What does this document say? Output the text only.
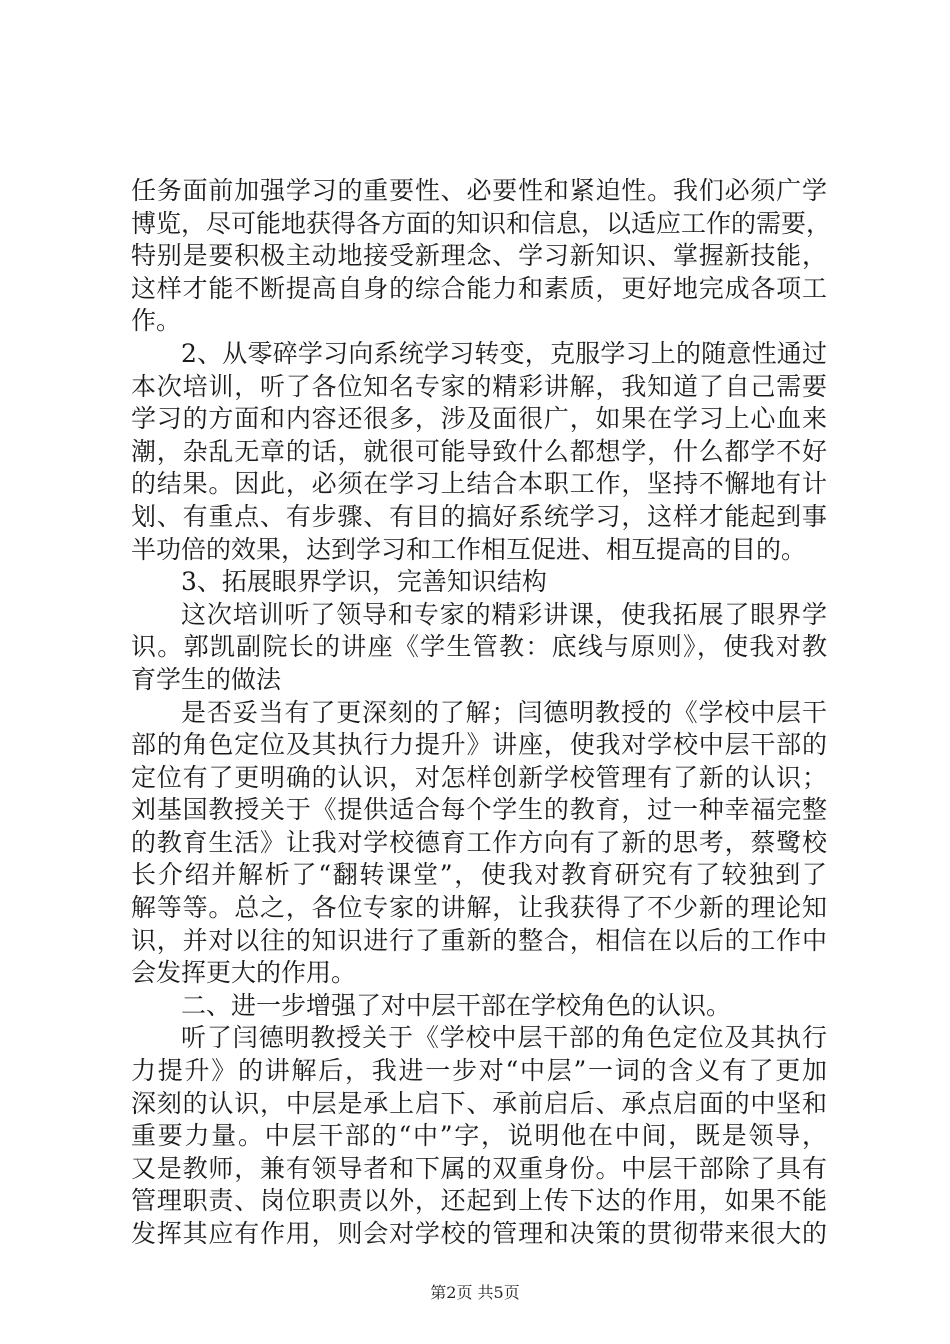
任务面前加强学习的重要性、必要性和紧迫性。我们必须广学
博览，尽可能地获得各方面的知识和信息，以适应工作的需要，
特别是要积极主动地接受新理念、学习新知识、掌握新技能，
这样才能不断提高自身的综合能力和素质，更好地完成各项工
作。
2、从零碎学习向系统学习转变，克服学习上的随意性通过
本次培训，听了各位知名专家的精彩讲解，我知道了自己需要
学习的方面和内容还很多，涉及面很广，如果在学习上心血来
潮，杂乱无章的话，就很可能导致什么都想学，什么都学不好
的结果。因此，必须在学习上结合本职工作，坚持不懈地有计
划、有重点、有步骤、有目的搞好系统学习，这样才能起到事
半功倍的效果，达到学习和工作相互促进、相互提高的目的。
3、拓展眼界学识，完善知识结构
这次培训听了领导和专家的精彩讲课，使我拓展了眼界学
识。郭凯副院长的讲座《学生管教：底线与原则》，使我对教
育学生的做法
是否妥当有了更深刻的了解；闫德明教授的《学校中层干
部的角色定位及其执行力提升》讲座，使我对学校中层干部的
定位有了更明确的认识，对怎样创新学校管理有了新的认识；
刘基国教授关于《提供适合每个学生的教育，过一种幸福完整
的教育生活》让我对学校德育工作方向有了新的思考，蔡鹭校
长介绍并解析了“翻转课堂”，使我对教育研究有了较独到了
解等等。总之，各位专家的讲解，让我获得了不少新的理论知
识，并对以往的知识进行了重新的整合，相信在以后的工作中
会发挥更大的作用。
二、进一步增强了对中层干部在学校角色的认识。
听了闫德明教授关于《学校中层干部的角色定位及其执行
力提升》的讲解后，我进一步对“中层”一词的含义有了更加
深刻的认识，中层是承上启下、承前启后、承点启面的中坚和
重要力量。中层干部的“中”字，说明他在中间，既是领导，
又是教师，兼有领导者和下属的双重身份。中层干部除了具有
管理职责、岗位职责以外，还起到上传下达的作用，如果不能
发挥其应有作用，则会对学校的管理和决策的贯彻带来很大的
第2页 共5页
